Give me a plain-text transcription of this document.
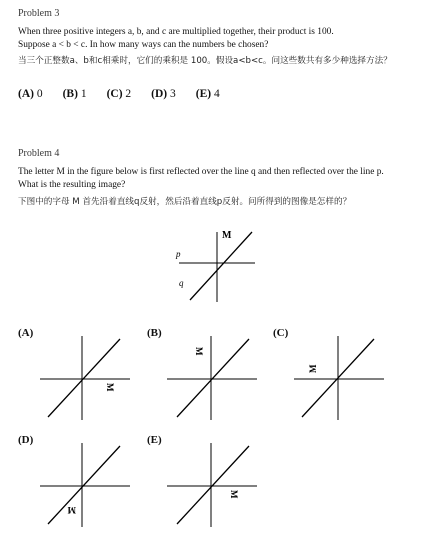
Problem 3
When three positive integers a, b, and c are multiplied together, their product is 100.
Suppose a < b < c. In how many ways can the numbers be chosen?
当三个正整数a、b和c相乘时，它们的乘积是 100。假设a<b<c。问这些数共有多少种选择方法？
(A) 0 (B) 1 (C) 2 (D) 3 (E) 4
Problem 4
The letter M in the figure below is first reflected over the line q and then reflected over the line p.
What is the resulting image?
下图中的字母 M 首先沿着直线q反射，然后沿着直线p反射。问所得到的图像是怎样的？
M
p
q
(A)
M
(B)
M
(C)
M
(D)
M
(E)
M
